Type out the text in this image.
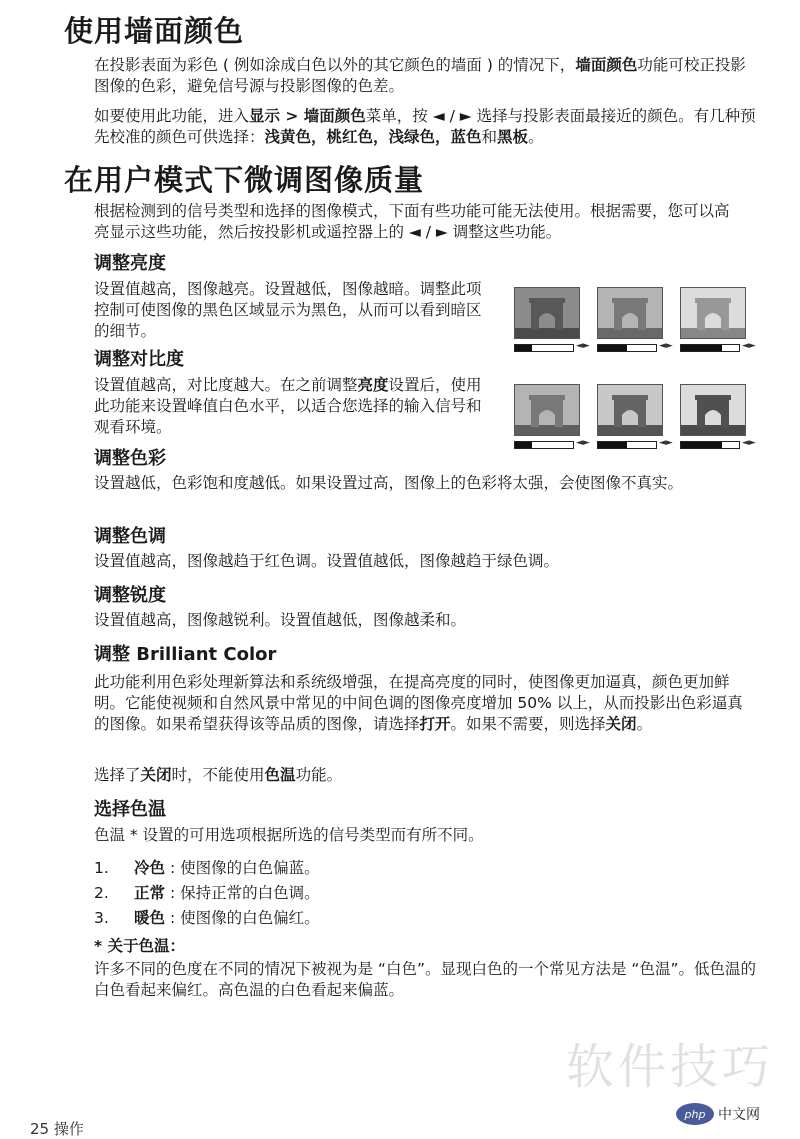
使用墙面颜色

在投影表面为彩色 ( 例如涂成白色以外的其它颜色的墙面 ) 的情况下，墙面颜色功能可校正投影图像的色彩，避免信号源与投影图像的色差。

如要使用此功能，进入显示 > 墙面颜色菜单，按 ◄ / ► 选择与投影表面最接近的颜色。有几种预先校准的颜色可供选择：浅黄色，桃红色，浅绿色，蓝色和黑板。

在用户模式下微调图像质量

根据检测到的信号类型和选择的图像模式，下面有些功能可能无法使用。根据需要，您可以高亮显示这些功能，然后按投影机或遥控器上的 ◄ / ► 调整这些功能。

调整亮度

设置值越高，图像越亮。设置越低，图像越暗。调整此项控制可使图像的黑色区域显示为黑色，从而可以看到暗区的细节。

◄►	◄►	◄►
调整对比度

设置值越高，对比度越大。在之前调整亮度设置后，使用此功能来设置峰值白色水平，以适合您选择的输入信号和观看环境。

◄►	◄►	◄►
调整色彩

设置越低，色彩饱和度越低。如果设置过高，图像上的色彩将太强，会使图像不真实。

调整色调

设置值越高，图像越趋于红色调。设置值越低，图像越趋于绿色调。

调整锐度

设置值越高，图像越锐利。设置值越低，图像越柔和。

调整 Brilliant Color

此功能利用色彩处理新算法和系统级增强，在提高亮度的同时，使图像更加逼真，颜色更加鲜明。它能使视频和自然风景中常见的中间色调的图像亮度增加 50% 以上，从而投影出色彩逼真的图像。如果希望获得该等品质的图像，请选择打开。如果不需要，则选择关闭。

选择了关闭时，不能使用色温功能。

选择色温

色温 * 设置的可用选项根据所选的信号类型而有所不同。

1. 冷色 : 使图像的白色偏蓝。
2. 正常 : 保持正常的白色调。
3. 暖色 : 使图像的白色偏红。

* 关于色温：

许多不同的色度在不同的情况下被视为是 “白色”。显现白色的一个常见方法是 “色温”。低色温的白色看起来偏红。高色温的白色看起来偏蓝。

软件技巧
php 中文网
25 操作
